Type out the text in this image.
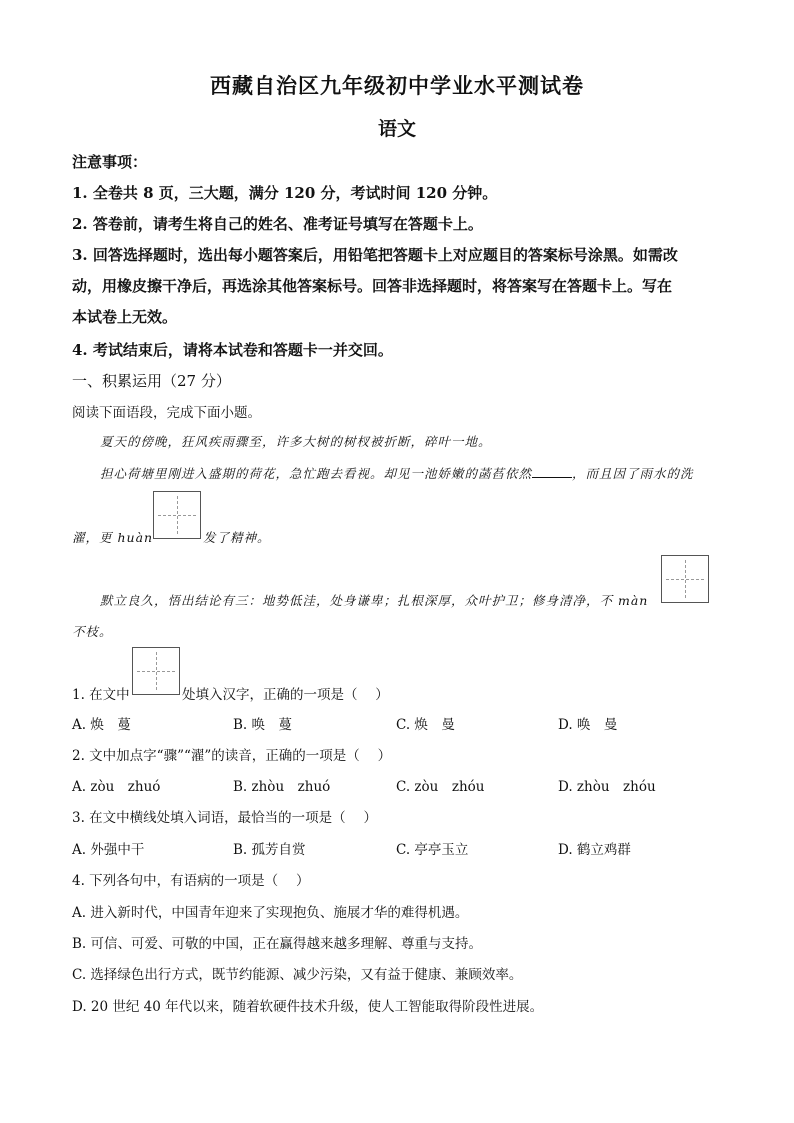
西藏自治区九年级初中学业水平测试卷
语文
注意事项：
1. 全卷共 8 页，三大题，满分 120 分，考试时间 120 分钟。
2. 答卷前，请考生将自己的姓名、准考证号填写在答题卡上。
3. 回答选择题时，选出每小题答案后，用铅笔把答题卡上对应题目的答案标号涂黑。如需改
动，用橡皮擦干净后，再选涂其他答案标号。回答非选择题时，将答案写在答题卡上。写在
本试卷上无效。
4. 考试结束后，请将本试卷和答题卡一并交回。
一、积累运用（27 分）
阅读下面语段，完成下面小题。
夏天的傍晚，狂风疾雨骤至，许多大树的树杈被折断，碎叶一地。
担心荷塘里刚进入盛期的荷花，急忙跑去看视。却见一池娇嫩的菡萏依然	，而且因了雨水的洗
濯，更 huàn	发了精神。
默立良久，悟出结论有三：地势低洼，处身谦卑；扎根深厚，众叶护卫；修身清净，不 màn
不枝。
1. 在文中	处填入汉字，正确的一项是（　 ）
A. 焕　蔓	B. 唤　蔓	C. 焕　曼	D. 唤　曼
2. 文中加点字“骤”“濯”的读音，正确的一项是（　 ）
A. zòu　zhuó	B. zhòu　zhuó	C. zòu　zhóu	D. zhòu　zhóu
3. 在文中横线处填入词语，最恰当的一项是（　 ）
A. 外强中干	B. 孤芳自赏	C. 亭亭玉立	D. 鹤立鸡群
4. 下列各句中，有语病的一项是（　 ）
A. 进入新时代，中国青年迎来了实现抱负、施展才华的难得机遇。
B. 可信、可爱、可敬的中国，正在赢得越来越多理解、尊重与支持。
C. 选择绿色出行方式，既节约能源、减少污染，又有益于健康、兼顾效率。
D. 20 世纪 40 年代以来，随着软硬件技术升级，使人工智能取得阶段性进展。
